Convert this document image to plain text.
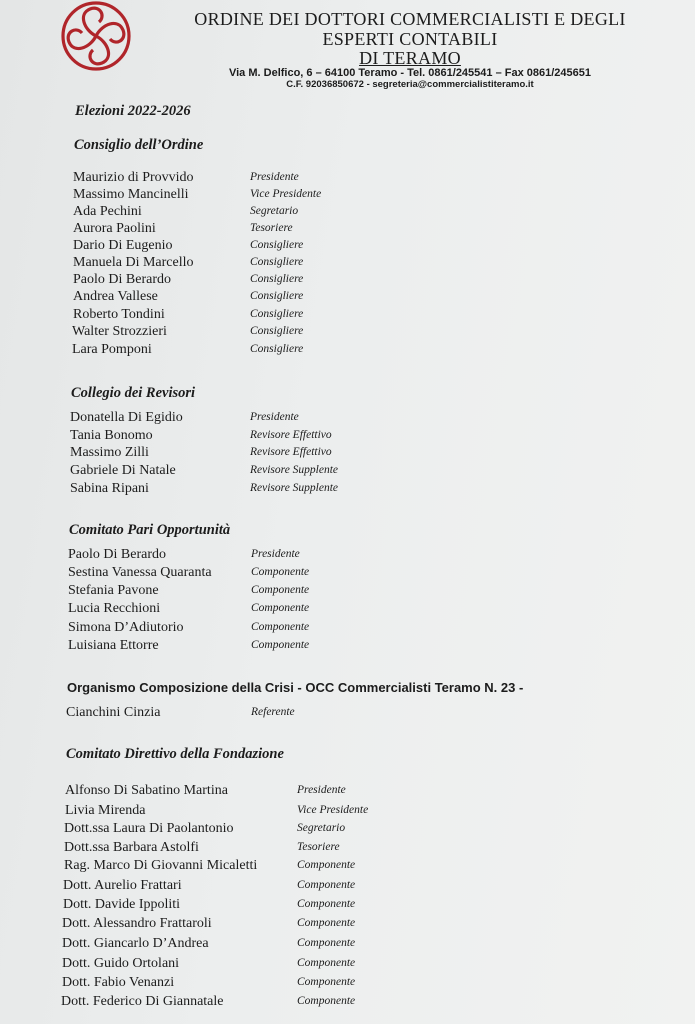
ORDINE DEI DOTTORI COMMERCIALISTI E DEGLI
ESPERTI CONTABILI
DI TERAMO
Via M. Delfico, 6 – 64100 Teramo - Tel. 0861/245541 – Fax 0861/245651
C.F. 92036850672 - segreteria@commercialistiteramo.it
Elezioni 2022-2026
Consiglio dell’Ordine
Maurizio di Provvido	Presidente
Massimo Mancinelli	Vice Presidente
Ada Pechini	Segretario
Aurora Paolini	Tesoriere
Dario Di Eugenio	Consigliere
Manuela Di Marcello	Consigliere
Paolo Di Berardo	Consigliere
Andrea Vallese	Consigliere
Roberto Tondini	Consigliere
Walter Strozzieri	Consigliere
Lara Pomponi	Consigliere
Collegio dei Revisori
Donatella Di Egidio	Presidente
Tania Bonomo	Revisore Effettivo
Massimo Zilli	Revisore Effettivo
Gabriele Di Natale	Revisore Supplente
Sabina Ripani	Revisore Supplente
Comitato Pari Opportunità
Paolo Di Berardo	Presidente
Sestina Vanessa Quaranta	Componente
Stefania Pavone	Componente
Lucia Recchioni	Componente
Simona D’Adiutorio	Componente
Luisiana Ettorre	Componente
Organismo Composizione della Crisi - OCC Commercialisti Teramo N. 23 -
Cianchini Cinzia	Referente
Comitato Direttivo della Fondazione
Alfonso Di Sabatino Martina	Presidente
Livia Mirenda	Vice Presidente
Dott.ssa Laura Di Paolantonio	Segretario
Dott.ssa Barbara Astolfi	Tesoriere
Rag. Marco Di Giovanni Micaletti	Componente
Dott. Aurelio Frattari	Componente
Dott. Davide Ippoliti	Componente
Dott. Alessandro Frattaroli	Componente
Dott. Giancarlo D’Andrea	Componente
Dott. Guido Ortolani	Componente
Dott. Fabio Venanzi	Componente
Dott. Federico Di Giannatale	Componente
